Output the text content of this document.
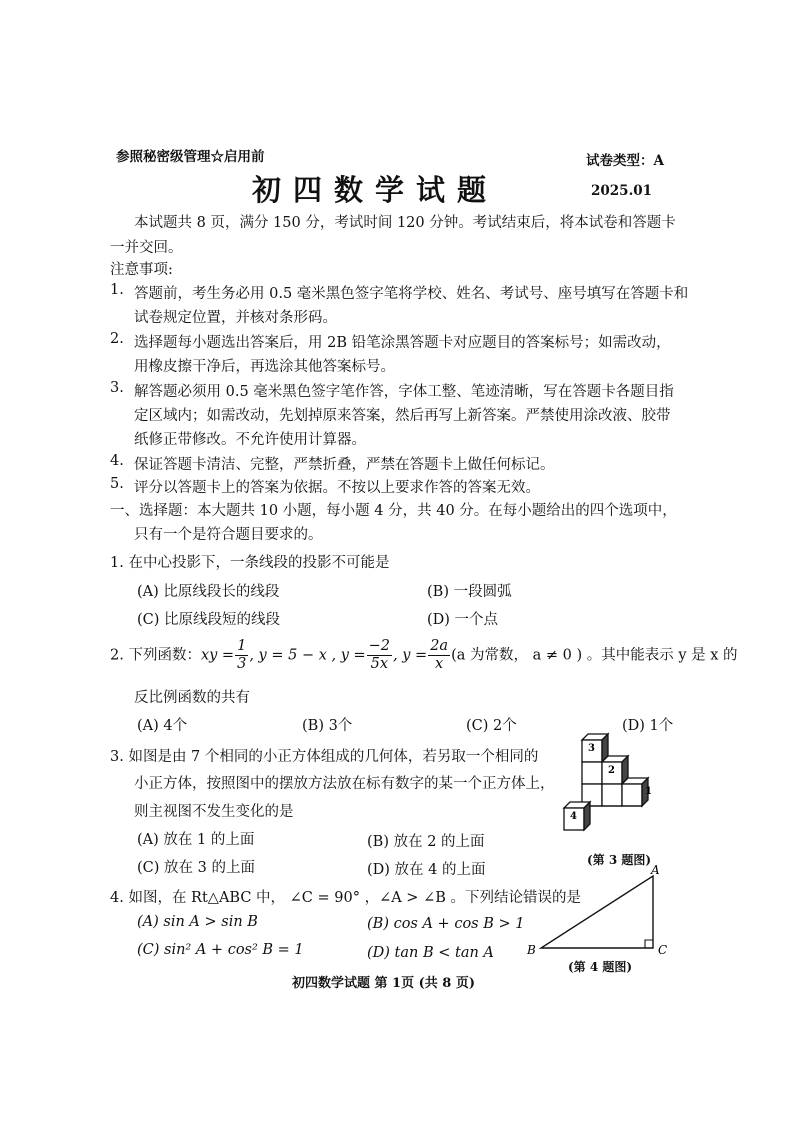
参照秘密级管理☆启用前	试卷类型：A
初四数学试题	2025.01
本试题共 8 页，满分 150 分，考试时间 120 分钟。考试结束后，将本试卷和答题卡
一并交回。
注意事项:
1. 答题前，考生务必用 0.5 毫米黑色签字笔将学校、姓名、考试号、座号填写在答题卡和
试卷规定位置，并核对条形码。
2. 选择题每小题选出答案后，用 2B 铅笔涂黑答题卡对应题目的答案标号；如需改动，
用橡皮擦干净后，再选涂其他答案标号。
3. 解答题必须用 0.5 毫米黑色签字笔作答，字体工整、笔迹清晰，写在答题卡各题目指
定区域内；如需改动，先划掉原来答案，然后再写上新答案。严禁使用涂改液、胶带
纸修正带修改。不允许使用计算器。
4. 保证答题卡清洁、完整，严禁折叠，严禁在答题卡上做任何标记。
5. 评分以答题卡上的答案为依据。不按以上要求作答的答案无效。
一、选择题：本大题共 10 小题，每小题 4 分，共 40 分。在每小题给出的四个选项中，
只有一个是符合题目要求的。
1. 在中心投影下，一条线段的投影不可能是
(A) 比原线段长的线段	(B) 一段圆弧
(C) 比原线段短的线段	(D) 一个点
2. 下列函数：xy = $\frac{1}{3}$ , y = 5 − x , $y = \frac{-2}{5x}$ , $y = \frac{2a}{x} (a$ 为常数， a ≠ 0 ) 。其中能表示 y 是 x 的
反比例函数的共有
(A) 4个	(B) 3个	(C) 2个	(D) 1个
3. 如图是由 7 个相同的小正方体组成的几何体，若另取一个相同的
小正方体，按照图中的摆放方法放在标有数字的某一个正方体上，
则主视图不发生变化的是
(A) 放在 1 的上面	(B) 放在 2 的上面
(C) 放在 3 的上面	(D) 放在 4 的上面
3
2
1
4
(第 3 题图)
4. 如图，在 Rt△ABC 中， ∠C = 90° ，∠A > ∠B 。下列结论错误的是
(A) sin A > sin B	(B) cos A + cos B > 1
(C) sin² A + cos² B = 1	(D) tan B < tan A
A
B	C
(第 4 题图)
初四数学试题 第 1页 (共 8 页)
